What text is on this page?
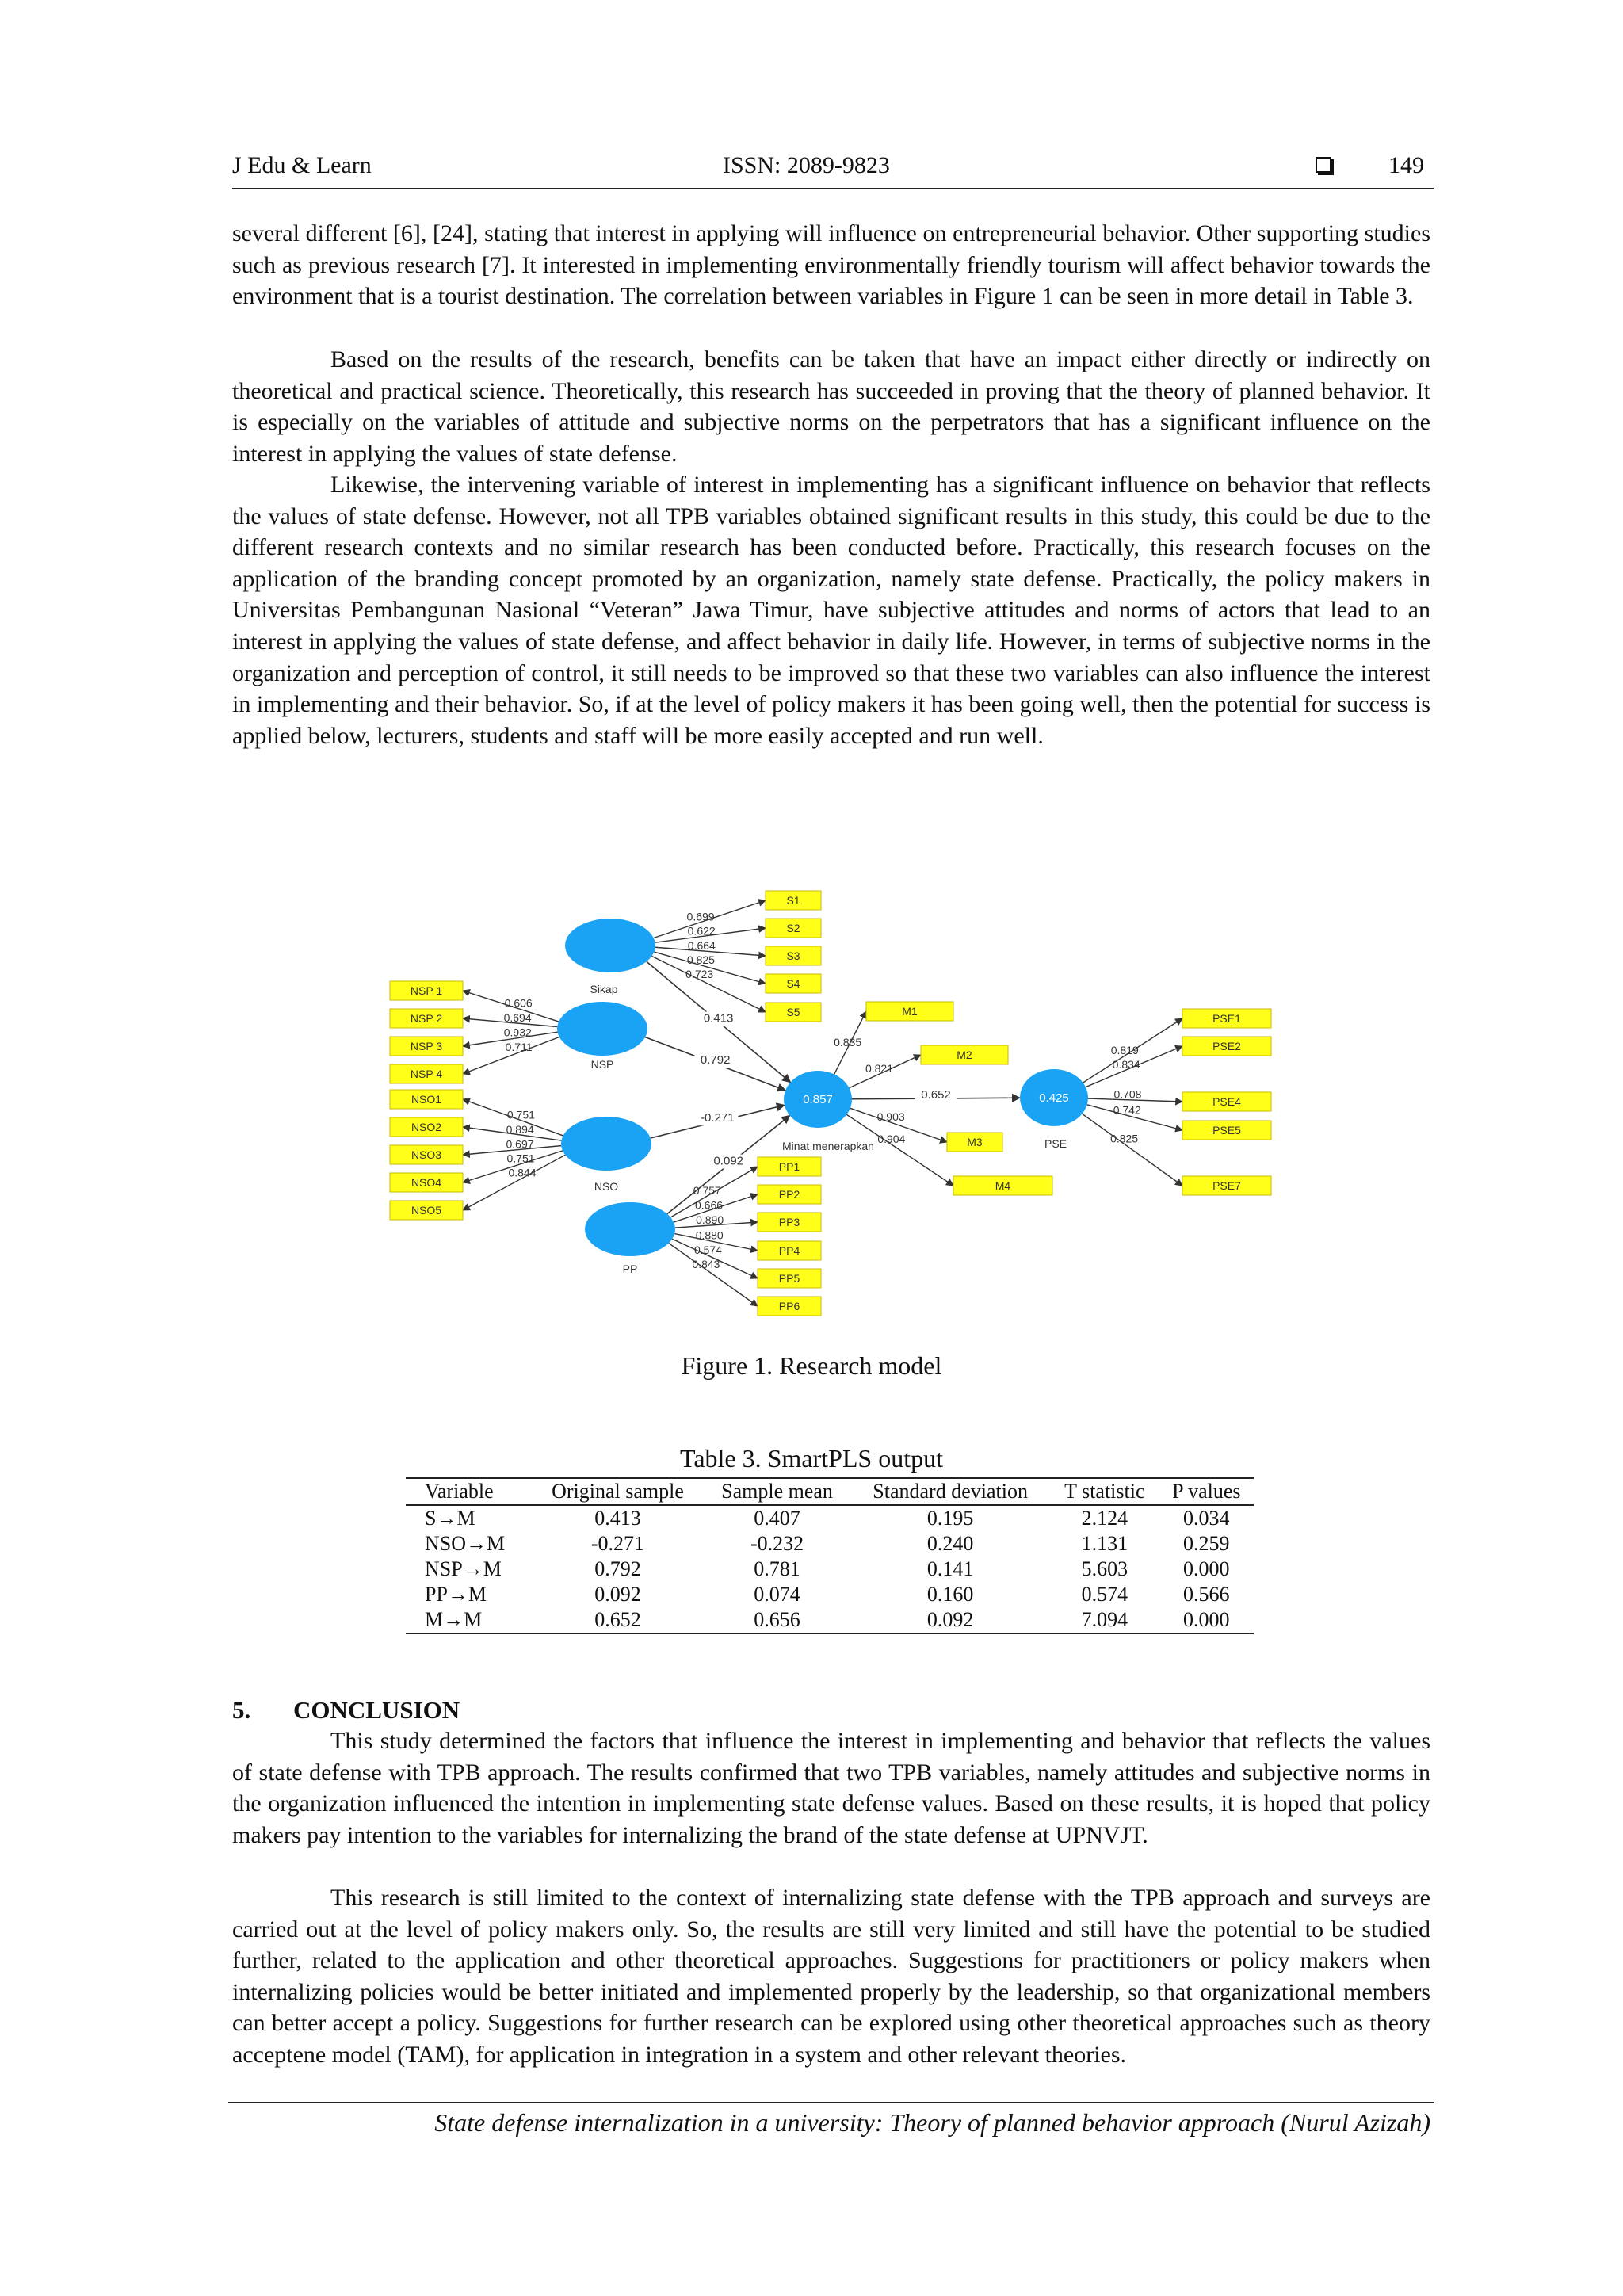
J Edu & Learn	ISSN: 2089-9823	149

several different [6], [24], stating that interest in applying will influence on entrepreneurial behavior. Other supporting studies such as previous research [7]. It interested in implementing environmentally friendly tourism will affect behavior towards the environment that is a tourist destination. The correlation between variables in Figure 1 can be seen in more detail in Table 3.

Based on the results of the research, benefits can be taken that have an impact either directly or indirectly on theoretical and practical science. Theoretically, this research has succeeded in proving that the theory of planned behavior. It is especially on the variables of attitude and subjective norms on the perpetrators that has a significant influence on the interest in applying the values of state defense.

Likewise, the intervening variable of interest in implementing has a significant influence on behavior that reflects the values of state defense. However, not all TPB variables obtained significant results in this study, this could be due to the different research contexts and no similar research has been conducted before. Practically, this research focuses on the application of the branding concept promoted by an organization, namely state defense. Practically, the policy makers in Universitas Pembangunan Nasional “Veteran” Jawa Timur, have subjective attitudes and norms of actors that lead to an interest in applying the values of state defense, and affect behavior in daily life. However, in terms of subjective norms in the organization and perception of control, it still needs to be improved so that these two variables can also influence the interest in implementing and their behavior. So, if at the level of policy makers it has been going well, then the potential for success is applied below, lecturers, students and staff will be more easily accepted and run well.

0.413
0.792
-0.271
0.092
0.652
0.699
0.622
0.664
0.825
0.723
0.606
0.694
0.932
0.711
0.751
0.894
0.697
0.751
0.844
0.757
0.666
0.890
0.880
0.574
0.843
0.819
0.834
0.708
0.742
0.825
0.835
0.821
0.903
0.904
S1
S2
S3
S4
S5
NSP 1
NSP 2
NSP 3
NSP 4
NSO1
NSO2
NSO3
NSO4
NSO5
PP1
PP2
PP3
PP4
PP5
PP6
PSE1
PSE2
PSE4
PSE5
PSE7
M1
M2
M3
M4
Sikap
NSP
NSO
PP
0.857
Minat menerapkan
0.425
PSE
Figure 1. Research model
Table 3. SmartPLS output
Variable	Original sample	Sample mean	Standard deviation	T statistic	P values
S→M	0.413	0.407	0.195	2.124	0.034
NSO→M	-0.271	-0.232	0.240	1.131	0.259
NSP→M	0.792	0.781	0.141	5.603	0.000
PP→M	0.092	0.074	0.160	0.574	0.566
M→M	0.652	0.656	0.092	7.094	0.000
5. CONCLUSION

This study determined the factors that influence the interest in implementing and behavior that reflects the values of state defense with TPB approach. The results confirmed that two TPB variables, namely attitudes and subjective norms in the organization influenced the intention in implementing state defense values. Based on these results, it is hoped that policy makers pay intention to the variables for internalizing the brand of the state defense at UPNVJT.

This research is still limited to the context of internalizing state defense with the TPB approach and surveys are carried out at the level of policy makers only. So, the results are still very limited and still have the potential to be studied further, related to the application and other theoretical approaches. Suggestions for practitioners or policy makers when internalizing policies would be better initiated and implemented properly by the leadership, so that organizational members can better accept a policy. Suggestions for further research can be explored using other theoretical approaches such as theory acceptene model (TAM), for application in integration in a system and other relevant theories.

State defense internalization in a university: Theory of planned behavior approach (Nurul Azizah)
